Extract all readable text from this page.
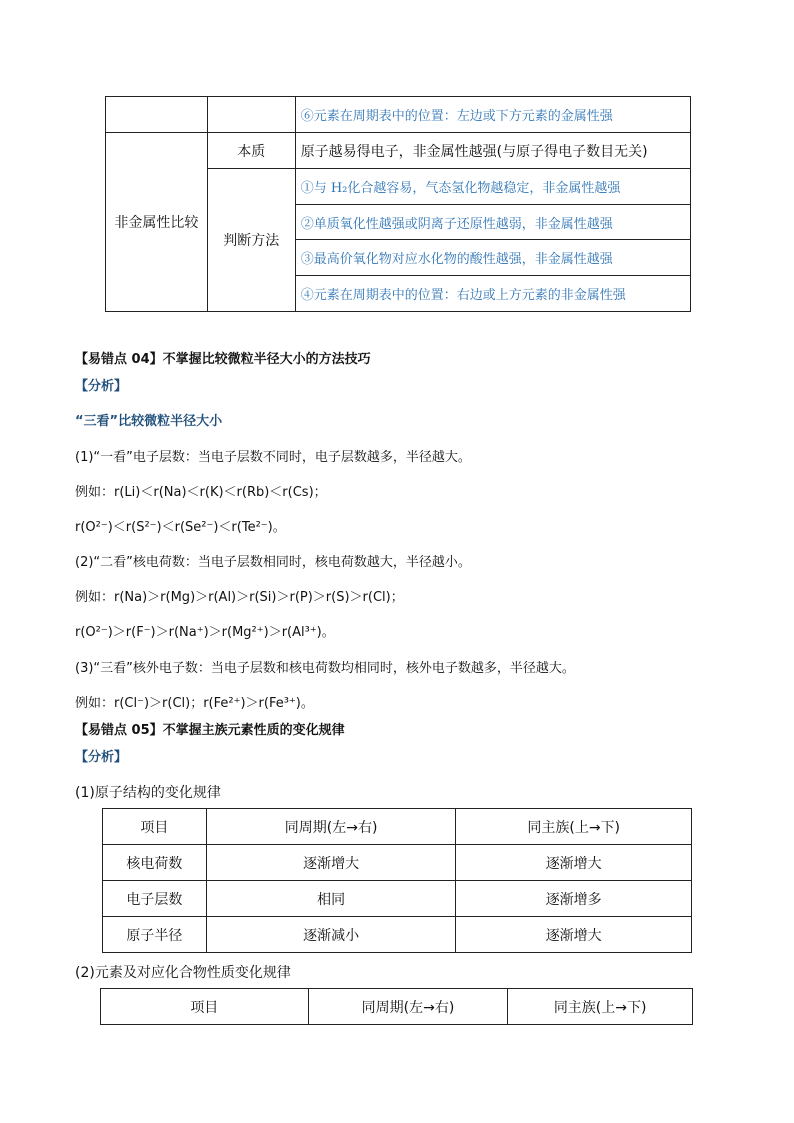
		⑥元素在周期表中的位置：左边或下方元素的金属性强
非金属性比较	本质	原子越易得电子，非金属性越强(与原子得电子数目无关)
	判断方法	①与 H₂化合越容易，气态氢化物越稳定，非金属性越强
		②单质氧化性越强或阴离子还原性越弱，非金属性越强
		③最高价氧化物对应水化物的酸性越强，非金属性越强
		④元素在周期表中的位置：右边或上方元素的非金属性强
【易错点 04】不掌握比较微粒半径大小的方法技巧
【分析】
“三看”比较微粒半径大小
(1)“一看”电子层数：当电子层数不同时，电子层数越多，半径越大。
例如：r(Li)＜r(Na)＜r(K)＜r(Rb)＜r(Cs)；
r(O²⁻)＜r(S²⁻)＜r(Se²⁻)＜r(Te²⁻)。
(2)“二看”核电荷数：当电子层数相同时，核电荷数越大，半径越小。
例如：r(Na)＞r(Mg)＞r(Al)＞r(Si)＞r(P)＞r(S)＞r(Cl)；
r(O²⁻)＞r(F⁻)＞r(Na⁺)＞r(Mg²⁺)＞r(Al³⁺)。
(3)“三看”核外电子数：当电子层数和核电荷数均相同时，核外电子数越多，半径越大。
例如：r(Cl⁻)＞r(Cl)；r(Fe²⁺)＞r(Fe³⁺)。
【易错点 05】不掌握主族元素性质的变化规律
【分析】
(1)原子结构的变化规律
项目	同周期(左→右)	同主族(上→下)
核电荷数	逐渐增大	逐渐增大
电子层数	相同	逐渐增多
原子半径	逐渐减小	逐渐增大
(2)元素及对应化合物性质变化规律
项目	同周期(左→右)	同主族(上→下)
